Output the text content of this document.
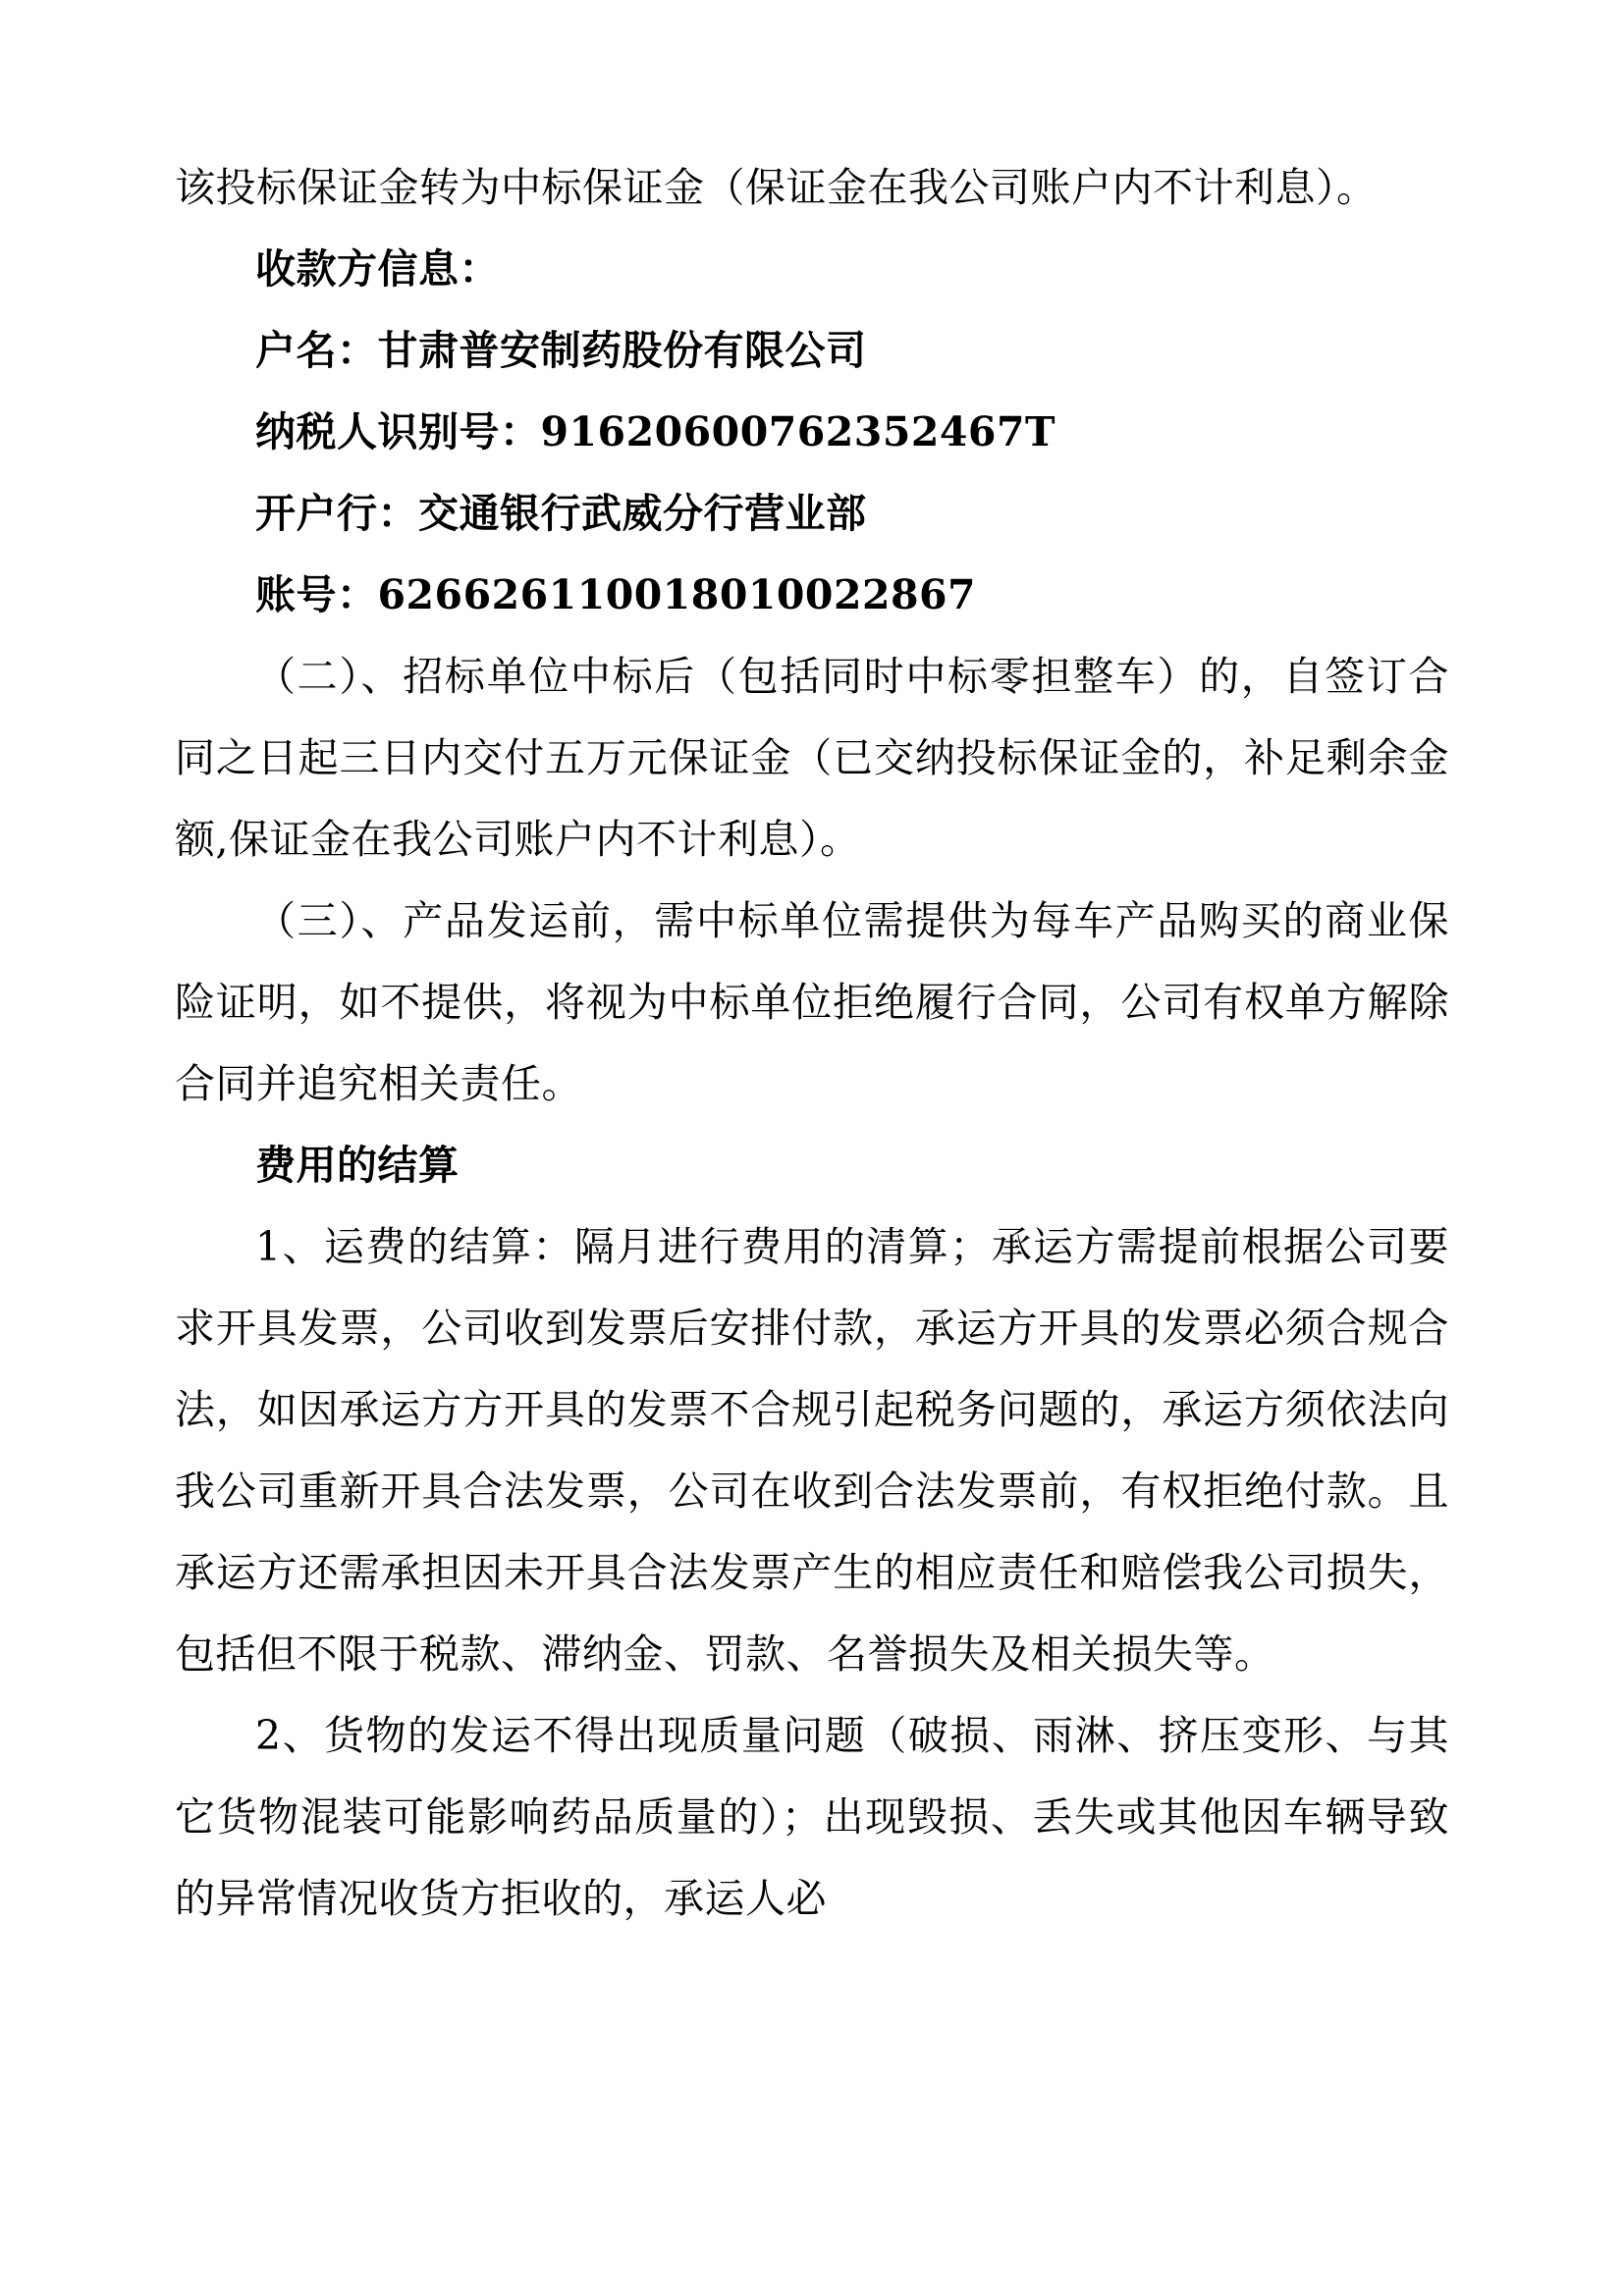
该投标保证金转为中标保证金（保证金在我公司账户内不计利息）。

收款方信息：

户名：甘肃普安制药股份有限公司

纳税人识别号：91620600762352467T

开户行：交通银行武威分行营业部

账号：626626110018010022867

（二）、招标单位中标后（包括同时中标零担整车）的，自签订合同之日起三日内交付五万元保证金（已交纳投标保证金的，补足剩余金额,保证金在我公司账户内不计利息）。

（三）、产品发运前，需中标单位需提供为每车产品购买的商业保险证明，如不提供，将视为中标单位拒绝履行合同，公司有权单方解除合同并追究相关责任。

费用的结算

1、运费的结算：隔月进行费用的清算；承运方需提前根据公司要求开具发票，公司收到发票后安排付款，承运方开具的发票必须合规合法，如因承运方方开具的发票不合规引起税务问题的，承运方须依法向我公司重新开具合法发票，公司在收到合法发票前，有权拒绝付款。且承运方还需承担因未开具合法发票产生的相应责任和赔偿我公司损失，包括但不限于税款、滞纳金、罚款、名誉损失及相关损失等。

2、货物的发运不得出现质量问题（破损、雨淋、挤压变形、与其它货物混装可能影响药品质量的）；出现毁损、丢失或其他因车辆导致的异常情况收货方拒收的，承运人必
